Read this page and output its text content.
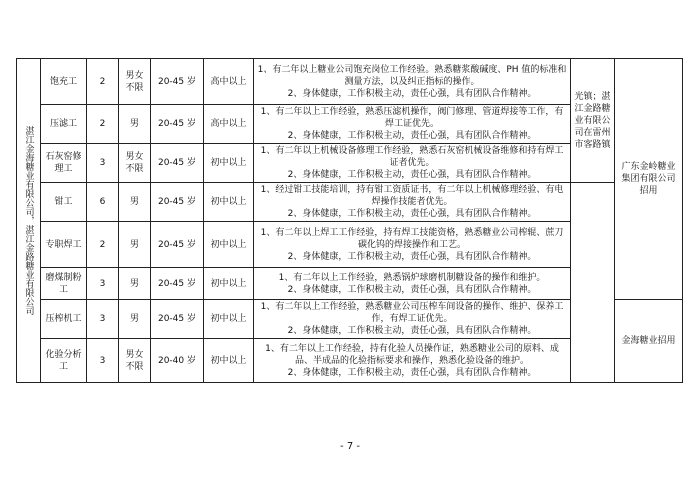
湛江金海糖业有限公司，湛江金路糖业有限公司	饱充工	2	男女不限	20-45 岁	高中以上	1、有二年以上糖业公司饱充岗位工作经验。熟悉糖浆酸碱度、PH 值的标准和测量方法，以及纠正指标的操作。
2、身体健康，工作积极主动，责任心强，具有团队合作精神。	光镇；湛江金路糖业有限公司在雷州市客路镇	广东金岭糖业集团有限公司招用
	压滤工	2	男	20-45 岁	高中以上	1、有二年以上工作经验，熟悉压滤机操作，阀门修理、管道焊接等工作，有焊工证优先。
2、身体健康，工作积极主动，责任心强，具有团队合作精神。		

	石灰窑修理工	3	男女不限	20-45 岁	初中以上	1、有二年以上机械设备修理工作经验，熟悉石灰窑机械设备维修和持有焊工证者优先。
2、身体健康，工作积极主动，责任心强，具有团队合作精神。		

	钳工	6	男	20-45 岁	初中以上	1、经过钳工技能培训，持有钳工资质证书，有二年以上机械修理经验、有电焊操作技能者优先。
2、身体健康，工作积极主动，责任心强，具有团队合作精神。		

	专职焊工	2	男	20-45 岁	初中以上	1、有二年以上焊工工作经验，持有焊工技能资格，熟悉糖业公司榨辊、蔗刀碳化钨的焊接操作和工艺。
2、身体健康，工作积极主动，责任心强，具有团队合作精神。		

	磨煤制粉工	3	男	20-45 岁	初中以上	1、有二年以上工作经验，熟悉锅炉球磨机制糖设备的操作和维护。
2、身体健康，工作积极主动，责任心强，具有团队合作精神。		

	压榨机工	3	男	20-45 岁	初中以上	1、有二年以上工作经验，熟悉糖业公司压榨车间设备的操作、维护、保养工作，有焊工证优先。
2、身体健康，工作积极主动，责任心强，具有团队合作精神。		金海糖业招用
	化验分析工	3	男女不限	20-40 岁	初中以上	1、有二年以上工作经验，持有化验人员操作证，熟悉糖业公司的原料、成品、半成品的化验指标要求和操作，熟悉化验设备的维护。
2、身体健康，工作积极主动，责任心强，具有团队合作精神。		
- 7 -
